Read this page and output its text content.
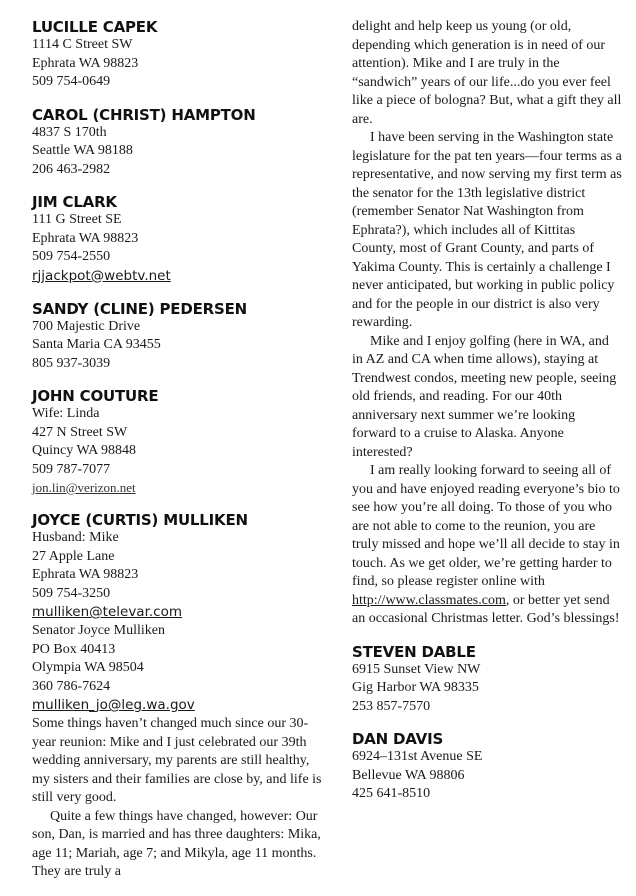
LUCILLE CAPEK
1114 C Street SW
Ephrata WA 98823
509 754-0649
CAROL (CHRIST) HAMPTON
4837 S 170th
Seattle WA 98188
206 463-2982
JIM CLARK
111 G Street SE
Ephrata WA 98823
509 754-2550
rjjackpot@webtv.net
SANDY (CLINE) PEDERSEN
700 Majestic Drive
Santa Maria CA 93455
805 937-3039
JOHN COUTURE
Wife: Linda
427 N Street SW
Quincy WA 98848
509 787-7077
jon.lin@verizon.net
JOYCE (CURTIS) MULLIKEN
Husband: Mike
27 Apple Lane
Ephrata WA 98823
509 754-3250
mulliken@televar.com
Senator Joyce Mulliken
PO Box 40413
Olympia WA 98504
360 786-7624
mulliken_jo@leg.wa.gov

Some things haven’t changed much since our 30-year reunion: Mike and I just celebrated our 39th wedding anniversary, my parents are still healthy, my sisters and their families are close by, and life is still very good.

Quite a few things have changed, however: Our son, Dan, is married and has three daughters: Mika, age 11; Mariah, age 7; and Mikyla, age 11 months. They are truly a

delight and help keep us young (or old, depending which generation is in need of our attention). Mike and I are truly in the “sandwich” years of our life...do you ever feel like a piece of bologna? But, what a gift they all are.

I have been serving in the Washington state legislature for the pat ten years—four terms as a representative, and now serving my first term as the senator for the 13th legislative district (remember Senator Nat Washington from Ephrata?), which includes all of Kittitas County, most of Grant County, and parts of Yakima County. This is certainly a challenge I never anticipated, but working in public policy and for the people in our district is also very rewarding.

Mike and I enjoy golfing (here in WA, and in AZ and CA when time allows), staying at Trendwest condos, meeting new people, seeing old friends, and reading. For our 40th anniversary next summer we’re looking forward to a cruise to Alaska. Anyone interested?

I am really looking forward to seeing all of you and have enjoyed reading everyone’s bio to see how you’re all doing. To those of you who are not able to come to the reunion, you are truly missed and hope we’ll all decide to stay in touch. As we get older, we’re getting harder to find, so please register online with http://www.classmates.com, or better yet send an occasional Christmas letter. God’s blessings!

STEVEN DABLE
6915 Sunset View NW
Gig Harbor WA 98335
253 857-7570
DAN DAVIS
6924–131st Avenue SE
Bellevue WA 98806
425 641-8510
